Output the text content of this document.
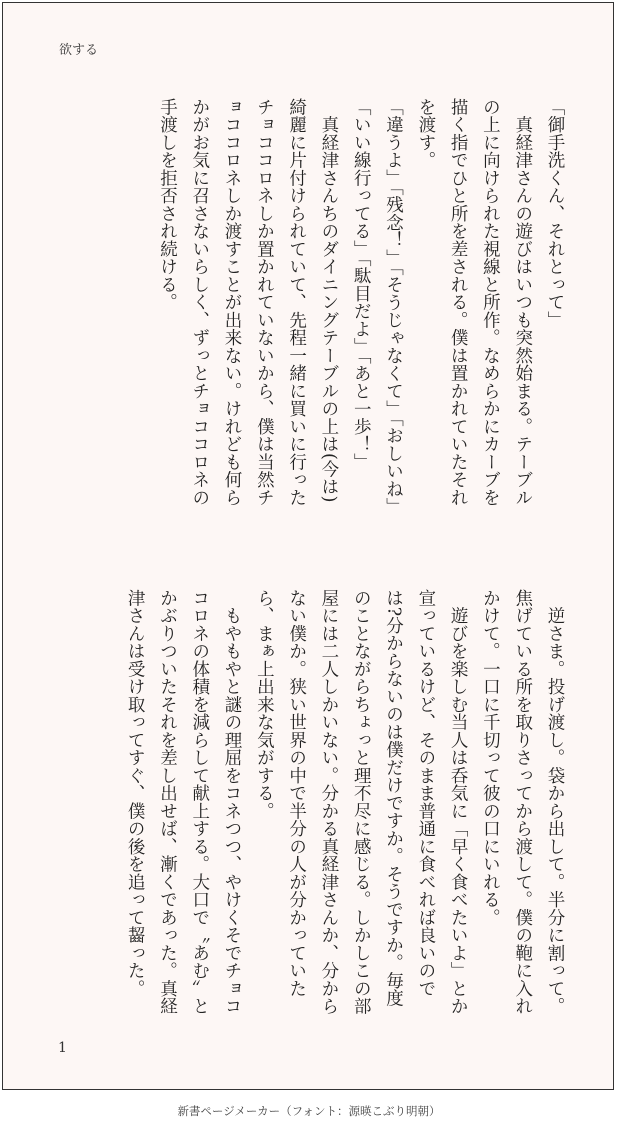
欲する

「御手洗くん、それとって」

　真経津さんの遊びはいつも突然始まる。テーブルの上に向けられた視線と所作。なめらかにカーブを描く指でひと所を差される。僕は置かれていたそれを渡す。

「違うよ」「残念！」「そうじゃなくて」「おしいね」「いい線行ってる」「駄目だよ」「あと一歩！」

　真経津さんちのダイニングテーブルの上は(今は) 綺麗に片付けられていて、先程一緒に買いに行ったチョココロネしか置かれていないから、僕は当然チョココロネしか渡すことが出来ない。けれども何らかがお気に召さないらしく、ずっとチョココロネの手渡しを拒否され続ける。

　逆さま。投げ渡し。袋から出して。半分に割って。焦げている所を取りさってから渡して。僕の鞄に入れかけて。一口に千切って彼の口にいれる。

　遊びを楽しむ当人は呑気に「早く食べたいよ」とか宣っているけど、そのまま普通に食べれば良いのでは?分からないのは僕だけですか。そうですか。毎度のことながらちょっと理不尽に感じる。しかしこの部屋には二人しかいない。分かる真経津さんか、分からない僕か。狭い世界の中で半分の人が分かっていたら、まぁ上出来な気がする。

　もやもやと謎の理屈をコネつつ、やけくそでチョココロネの体積を減らして献上する。大口で〝あむ〟とかぶりついたそれを差し出せば、漸くであった。真経津さんは受け取ってすぐ、僕の後を追って齧った。

1
新書ページメーカー（フォント：源暎こぶり明朝）
